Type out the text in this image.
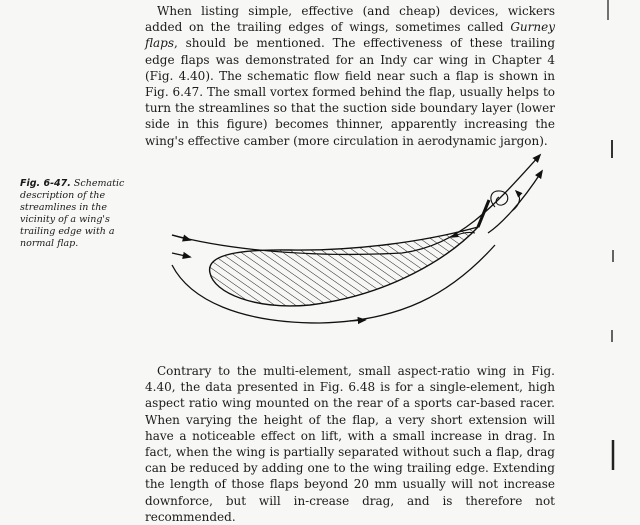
When listing simple, effective (and cheap) devices, wickers added on the trailing edges of wings, sometimes called Gurney flaps, should be mentioned. The effectiveness of these trailing edge flaps was demonstrated for an Indy car wing in Chapter 4 (Fig. 4.40). The schematic flow field near such a flap is shown in Fig. 6.47. The small vortex formed behind the flap, usually helps to turn the streamlines so that the suction side boundary layer (lower side in this figure) becomes thinner, apparently increasing the wing's effective camber (more circulation in aerodynamic jargon).

Fig. 6-47. Schematic description of the streamlines in the vicinity of a wing's trailing edge with a normal flap.

Contrary to the multi-element, small aspect-ratio wing in Fig. 4.40, the data presented in Fig. 6.48 is for a single-element, high aspect ratio wing mounted on the rear of a sports car-based racer. When varying the height of the flap, a very short extension will have a noticeable effect on lift, with a small increase in drag. In fact, when the wing is partially separated without such a flap, drag can be reduced by adding one to the wing trailing edge. Extending the length of those flaps beyond 20 mm usually will not increase downforce, but will in-crease drag, and is therefore not recommended.
